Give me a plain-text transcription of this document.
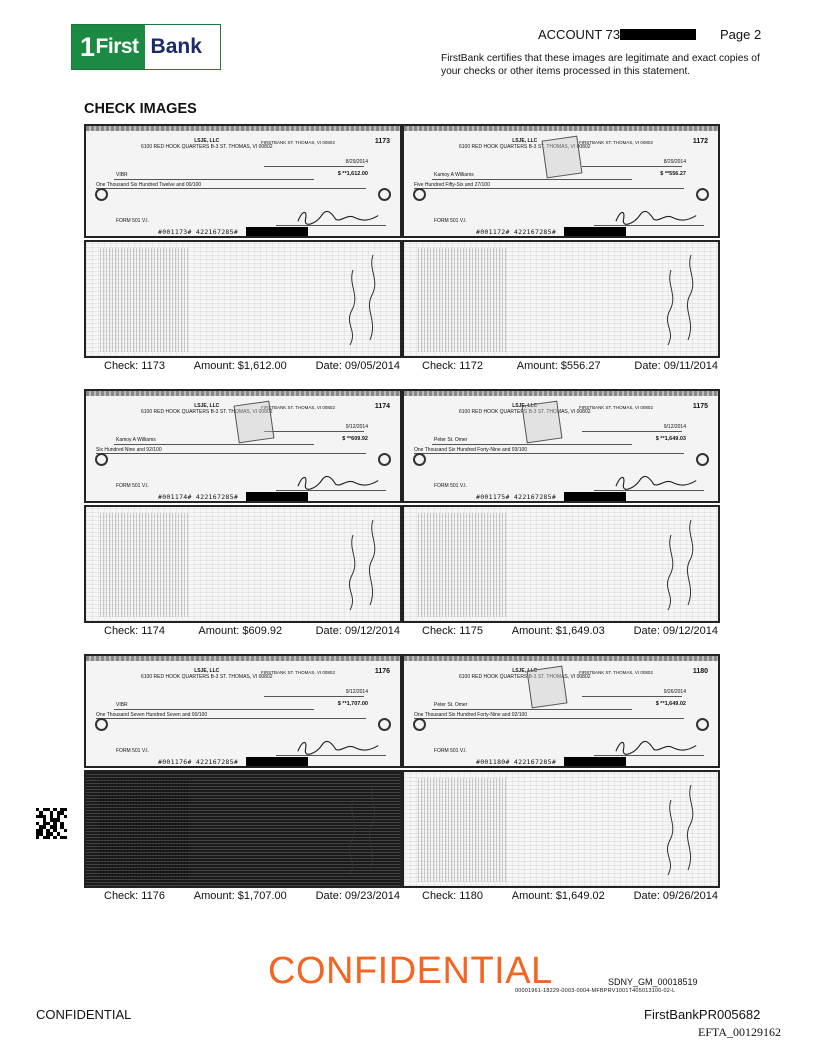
1 First Bank
ACCOUNT 73	Page 2
FirstBank certifies that these images are legitimate and exact copies of your checks or other items processed in this statement.
CHECK IMAGES
LSJE, LLC
6100 RED HOOK QUARTERS B-3 ST. THOMAS, VI 00802
FIRSTBANK ST. THOMAS, VI 00802	1173
8/29/2014
VIBR	$ **1,612.00
One Thousand Six Hundred Twelve and 00/100
FORM 501 V.I.
#001173# 422167285#
Check: 1173	Amount: $1,612.00	Date: 09/05/2014
LSJE, LLC
6100 RED HOOK QUARTERS B-3 ST. THOMAS, VI 00802
FIRSTBANK ST. THOMAS, VI 00802	1172
8/29/2014
Kamoy A Williams	$ **556.27
Five Hundred Fifty-Six and 27/100
FORM 501 V.I.
#001172# 422167285#
Check: 1172	Amount: $556.27	Date: 09/11/2014
LSJE, LLC
6100 RED HOOK QUARTERS B-3 ST. THOMAS, VI 00802
FIRSTBANK ST. THOMAS, VI 00802	1174
9/12/2014
Kamoy A Williams	$ **609.92
Six Hundred Nine and 92/100
FORM 501 V.I.
#001174# 422167285#
Check: 1174	Amount: $609.92	Date: 09/12/2014
LSJE, LLC
6100 RED HOOK QUARTERS B-3 ST. THOMAS, VI 00802
FIRSTBANK ST. THOMAS, VI 00802	1175
9/12/2014
Peter St. Omer	$ **1,649.03
One Thousand Six Hundred Forty-Nine and 03/100
FORM 501 V.I.
#001175# 422167285#
Check: 1175	Amount: $1,649.03	Date: 09/12/2014
LSJE, LLC
6100 RED HOOK QUARTERS B-3 ST. THOMAS, VI 00802
FIRSTBANK ST. THOMAS, VI 00802	1176
9/12/2014
VIBR	$ **1,707.00
One Thousand Seven Hundred Seven and 00/100
FORM 501 V.I.
#001176# 422167285#
Check: 1176	Amount: $1,707.00	Date: 09/23/2014
LSJE, LLC
6100 RED HOOK QUARTERS B-3 ST. THOMAS, VI 00802
FIRSTBANK ST. THOMAS, VI 00802	1180
9/26/2014
Peter St. Omer	$ **1,649.02
One Thousand Six Hundred Forty-Nine and 02/100
FORM 501 V.I.
#001180# 422167285#
Check: 1180	Amount: $1,649.02	Date: 09/26/2014
CONFIDENTIAL	SDNY_GM_00018519
00001961-18229-0003-0004-MFBPRV1001T405013100-02-L
CONFIDENTIAL	FirstBankPR005682
EFTA_00129162
